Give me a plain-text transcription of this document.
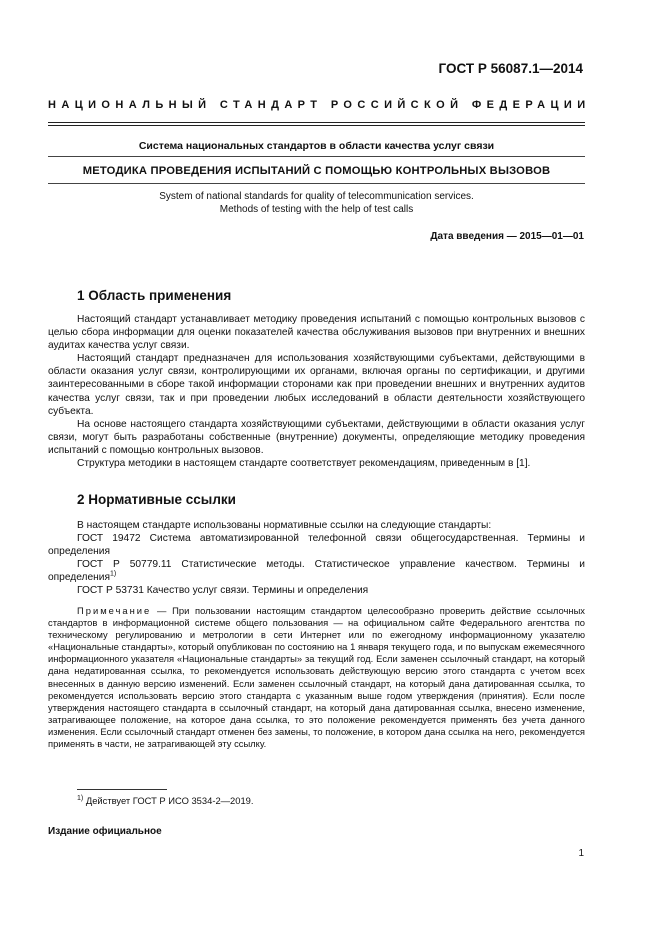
ГОСТ Р 56087.1—2014
НАЦИОНАЛЬНЫЙ СТАНДАРТ РОССИЙСКОЙ ФЕДЕРАЦИИ
Система национальных стандартов в области качества услуг связи
МЕТОДИКА ПРОВЕДЕНИЯ ИСПЫТАНИЙ С ПОМОЩЬЮ КОНТРОЛЬНЫХ ВЫЗОВОВ
System of national standards for quality of telecommunication services.
Methods of testing with the help of test calls
Дата введения — 2015—01—01
1 Область применения

Настоящий стандарт устанавливает методику проведения испытаний с помощью контрольных вызовов с целью сбора информации для оценки показателей качества обслуживания вызовов при внутренних и внешних аудитах качества услуг связи.

Настоящий стандарт предназначен для использования хозяйствующими субъектами, действующими в области оказания услуг связи, контролирующими их органами, включая органы по сертификации, и другими заинтересованными в сборе такой информации сторонами как при проведении внешних и внутренних аудитов качества услуг связи, так и при проведении любых исследований в области деятельности хозяйствующего субъекта.

На основе настоящего стандарта хозяйствующими субъектами, действующими в области оказания услуг связи, могут быть разработаны собственные (внутренние) документы, определяющие методику проведения испытаний с помощью контрольных вызовов.

Структура методики в настоящем стандарте соответствует рекомендациям, приведенным в [1].

2 Нормативные ссылки

В настоящем стандарте использованы нормативные ссылки на следующие стандарты:

ГОСТ 19472 Система автоматизированной телефонной связи общегосударственная. Термины и определения

ГОСТ Р 50779.11 Статистические методы. Статистическое управление качеством. Термины и определения$^{1)}$

ГОСТ Р 53731 Качество услуг связи. Термины и определения

Примечание — При пользовании настоящим стандартом целесообразно проверить действие ссылочных стандартов в информационной системе общего пользования — на официальном сайте Федерального агентства по техническому регулированию и метрологии в сети Интернет или по ежегодному информационному указателю «Национальные стандарты», который опубликован по состоянию на 1 января текущего года, и по выпускам ежемесячного информационного указателя «Национальные стандарты» за текущий год. Если заменен ссылочный стандарт, на который дана недатированная ссылка, то рекомендуется использовать действующую версию этого стандарта с учетом всех внесенных в данную версию изменений. Если заменен ссылочный стандарт, на который дана датированная ссылка, то рекомендуется использовать версию этого стандарта с указанным выше годом утверждения (принятия). Если после утверждения настоящего стандарта в ссылочный стандарт, на который дана датированная ссылка, внесено изменение, затрагивающее положение, на которое дана ссылка, то это положение рекомендуется применять без учета данного изменения. Если ссылочный стандарт отменен без замены, то положение, в котором дана ссылка на него, рекомендуется применять в части, не затрагивающей эту ссылку.
$^{1)}$ Действует ГОСТ Р ИСО 3534-2—2019.
Издание официальное
1
